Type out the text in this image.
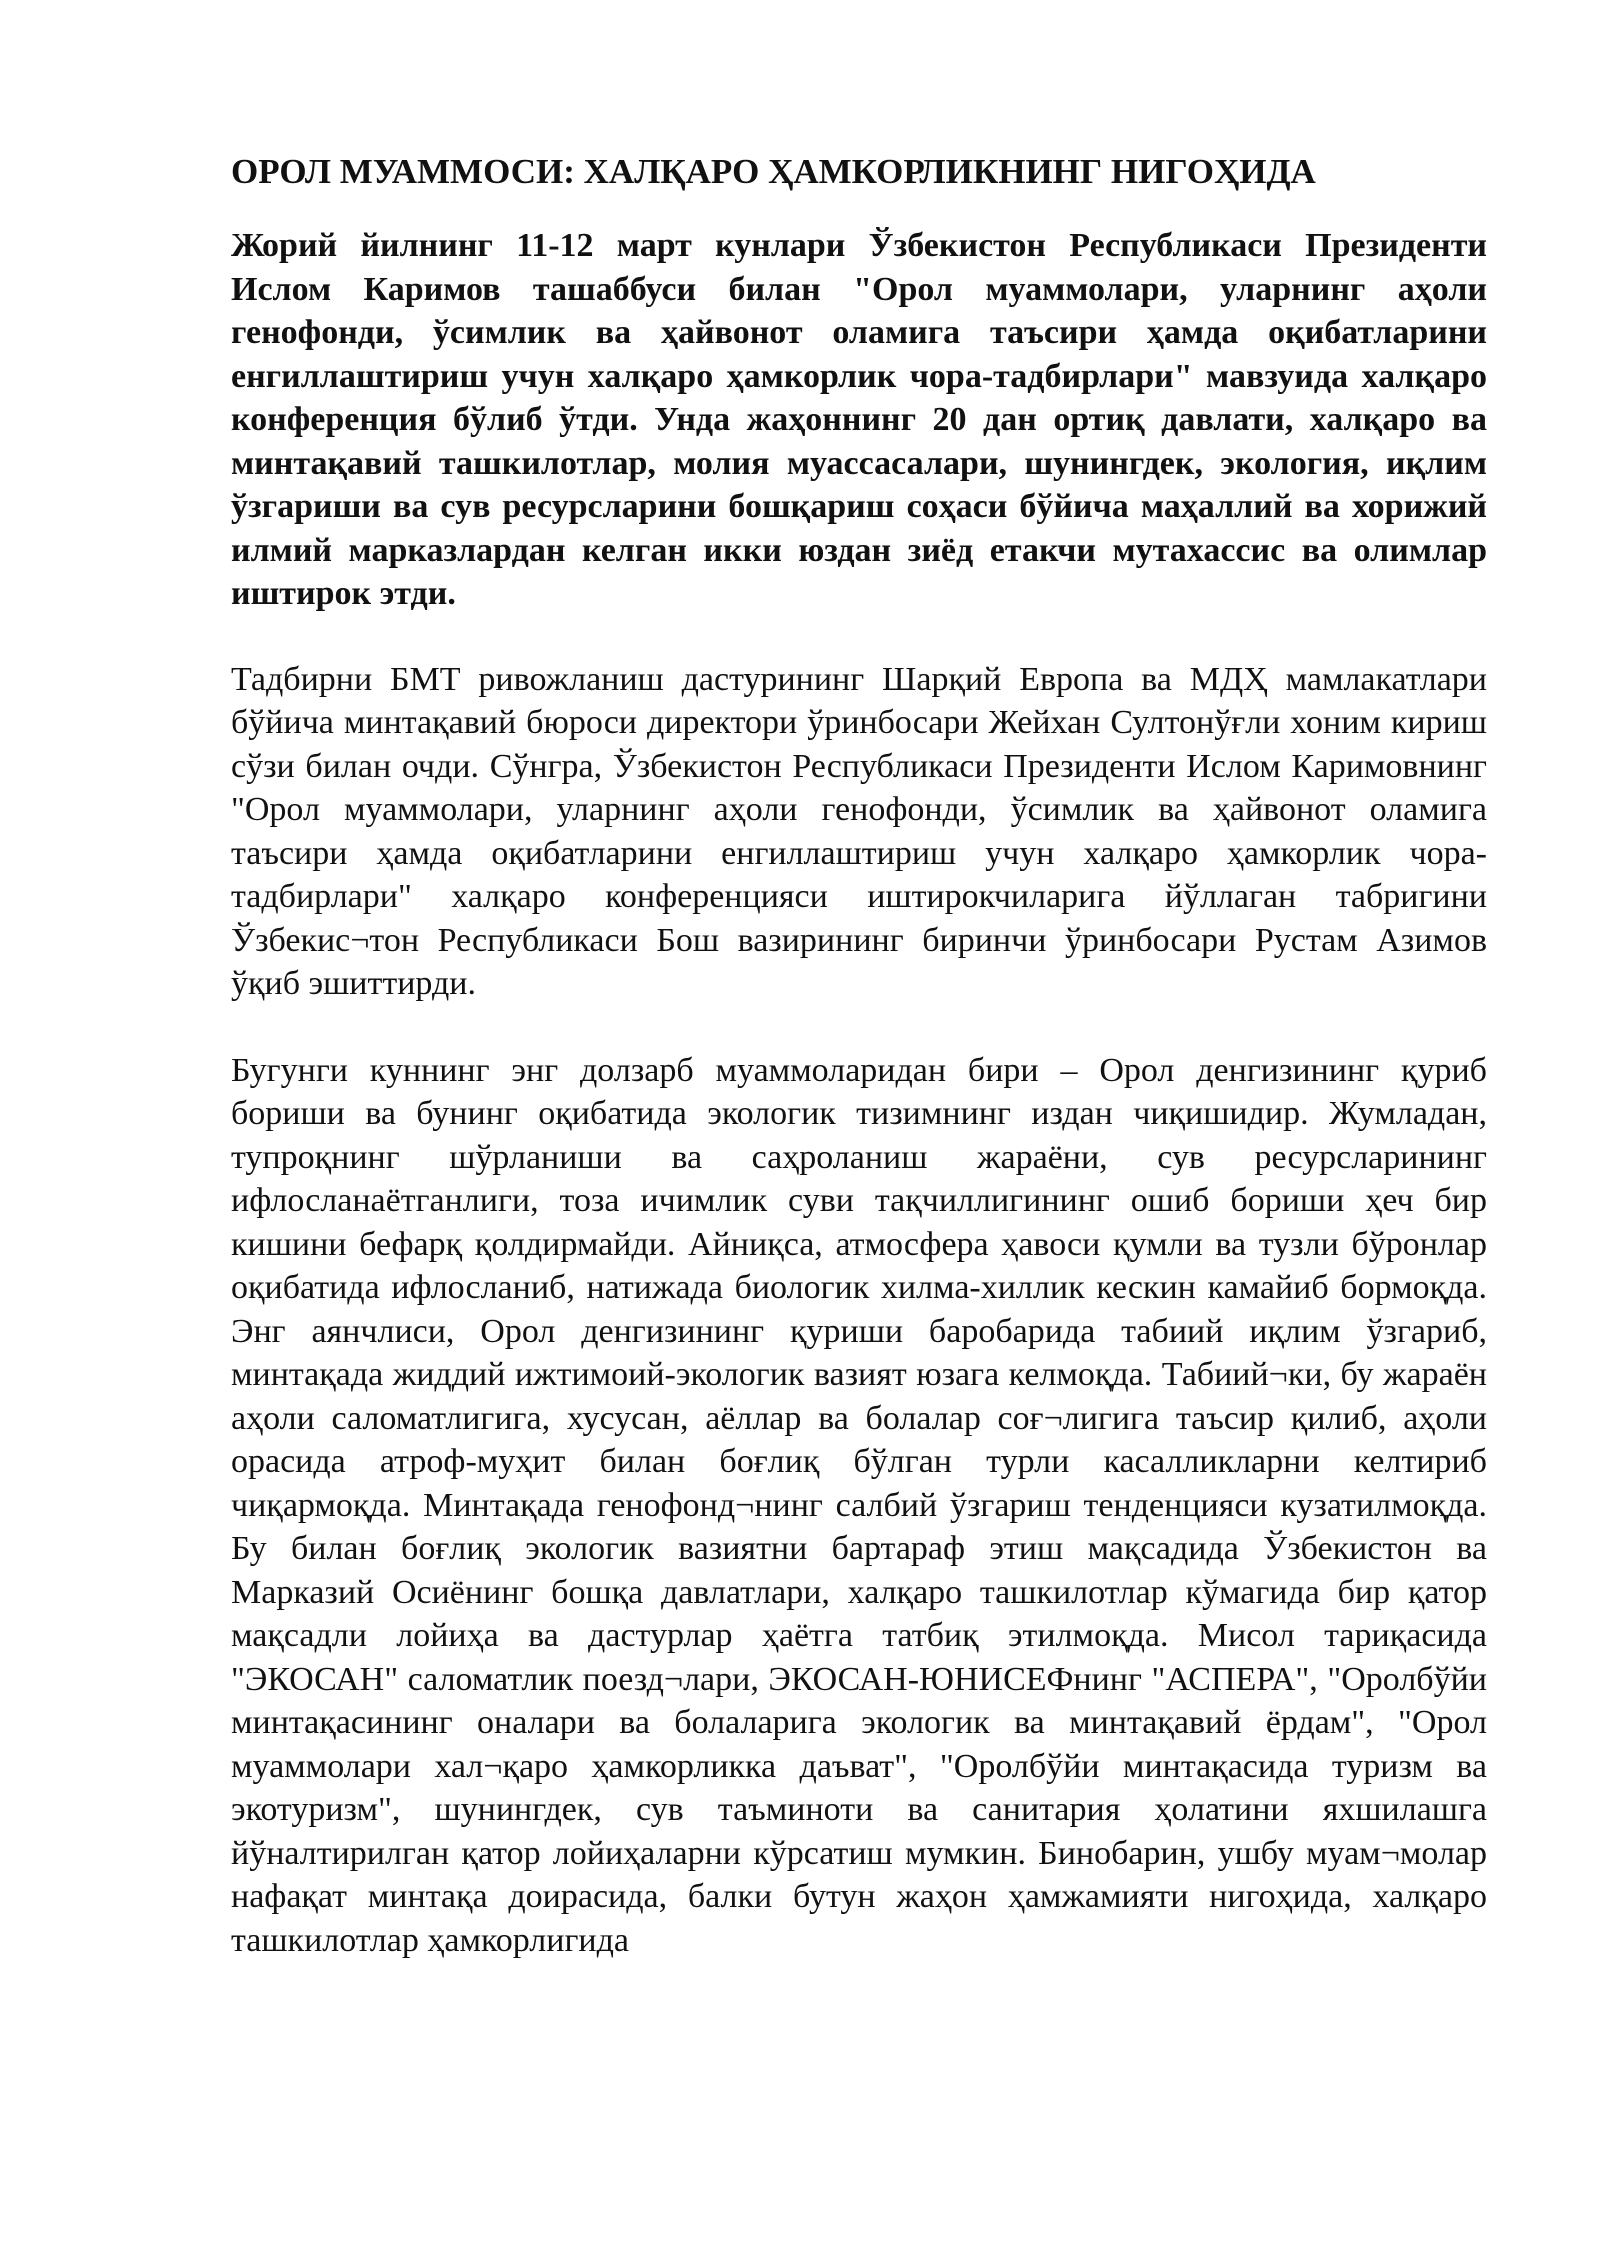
ОРОЛ МУАММОСИ: ХАЛҚАРО ҲАМКОРЛИКНИНГ НИГОҲИДА

Жорий йилнинг 11-12 март кунлари Ўзбекистон Республикаси Президенти Ислом Каримов ташаббуси билан "Орол муаммолари, уларнинг аҳоли генофонди, ўсимлик ва ҳайвонот оламига таъсири ҳамда оқибатларини енгиллаштириш учун халқаро ҳамкорлик чора-тадбирлари" мавзуида халқаро конференция бўлиб ўтди. Унда жаҳоннинг 20 дан ортиқ давлати, халқаро ва минтақавий ташкилотлар, молия муассасалари, шунингдек, экология, иқлим ўзгариши ва сув ресурсларини бошқариш соҳаси бўйича маҳаллий ва хорижий илмий марказлардан келган икки юздан зиёд етакчи мутахассис ва олимлар иштирок этди.

Тадбирни БМТ ривожланиш дастурининг Шарқий Европа ва МДҲ мамлакатлари бўйича минтақавий бюроси директори ўринбосари Жейхан Султонўғли хоним кириш сўзи билан очди. Сўнгра, Ўзбекистон Республикаси Президенти Ислом Каримовнинг "Орол муаммолари, уларнинг аҳоли генофонди, ўсимлик ва ҳайвонот оламига таъсири ҳамда оқибатларини енгиллаштириш учун халқаро ҳамкорлик чора-тадбирлари" халқаро конференцияси иштирокчиларига йўллаган табригини Ўзбекис¬тон Республикаси Бош вазирининг биринчи ўринбосари Рустам Азимов ўқиб эшиттирди.

Бугунги куннинг энг долзарб муаммоларидан бири – Орол денгизининг қуриб бориши ва бунинг оқибатида экологик тизимнинг издан чиқишидир. Жумладан, тупроқнинг шўрланиши ва саҳроланиш жараёни, сув ресурсларининг ифлосланаётганлиги, тоза ичимлик суви тақчиллигининг ошиб бориши ҳеч бир кишини бефарқ қолдирмайди. Айниқса, атмосфера ҳавоси қумли ва тузли бўронлар оқибатида ифлосланиб, натижада биологик хилма-хиллик кескин камайиб бормоқда. Энг аянчлиси, Орол денгизининг қуриши баробарида табиий иқлим ўзгариб, минтақада жиддий ижтимоий-экологик вазият юзага келмоқда. Табиий¬ки, бу жараён аҳоли саломатлигига, хусусан, аёллар ва болалар соғ¬лигига таъсир қилиб, аҳоли орасида атроф-муҳит билан боғлиқ бўлган турли касалликларни келтириб чиқармоқда. Минтақада генофонд¬нинг салбий ўзгариш тенденцияси кузатилмоқда. Бу билан боғлиқ экологик вазиятни бартараф этиш мақсадида Ўзбекистон ва Марказий Осиёнинг бошқа давлатлари, халқаро ташкилотлар кўмагида бир қатор мақсадли лойиҳа ва дастурлар ҳаётга татбиқ этилмоқда. Мисол тариқасида "ЭКОСАН" саломатлик поезд¬лари, ЭКОСАН-ЮНИСЕФнинг "АСПЕРА", "Оролбўйи минтақасининг оналари ва болаларига экологик ва минтақавий ёрдам", "Орол муаммолари хал¬қаро ҳамкорликка даъват", "Оролбўйи минтақасида туризм ва экотуризм", шунингдек, сув таъминоти ва санитария ҳолатини яхшилашга йўналтирилган қатор лойиҳаларни кўрсатиш мумкин. Бинобарин, ушбу муам¬молар нафақат минтақа доирасида, балки бутун жаҳон ҳамжамияти нигоҳида, халқаро ташкилотлар ҳамкорлигида
